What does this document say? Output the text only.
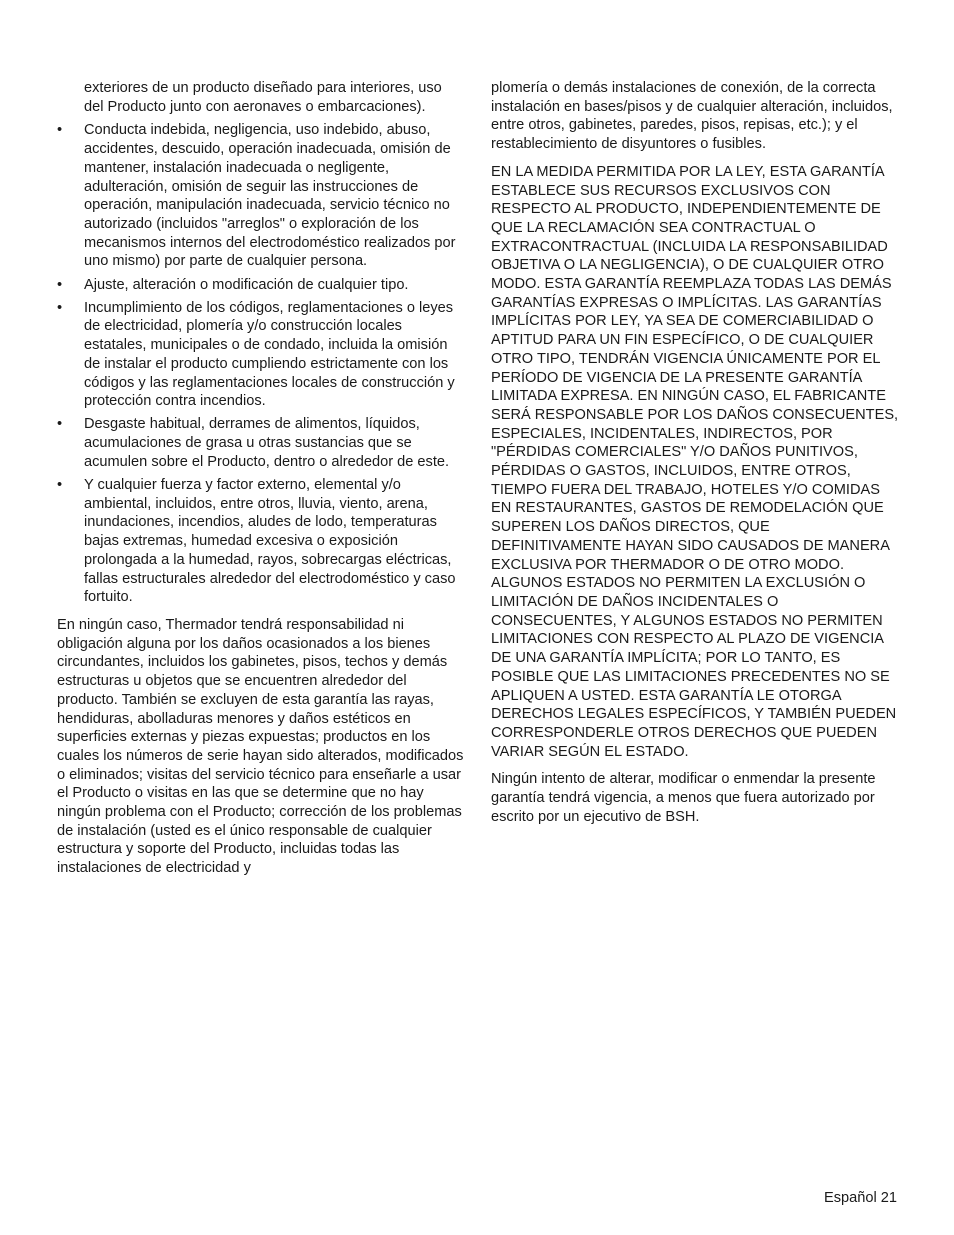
exteriores de un producto diseñado para interiores, uso del Producto junto con aeronaves o embarcaciones).

•	Conducta indebida, negligencia, uso indebido, abuso, accidentes, descuido, operación inadecuada, omisión de mantener, instalación inadecuada o negligente, adulteración, omisión de seguir las instrucciones de operación, manipulación inadecuada, servicio técnico no autorizado (incluidos "arreglos" o exploración de los mecanismos internos del electrodoméstico realizados por uno mismo) por parte de cualquier persona.
•	Ajuste, alteración o modificación de cualquier tipo.
•	Incumplimiento de los códigos, reglamentaciones o leyes de electricidad, plomería y/o construcción locales estatales, municipales o de condado, incluida la omisión de instalar el producto cumpliendo estrictamente con los códigos y las reglamentaciones locales de construcción y protección contra incendios.
•	Desgaste habitual, derrames de alimentos, líquidos, acumulaciones de grasa u otras sustancias que se acumulen sobre el Producto, dentro o alrededor de este.
•	Y cualquier fuerza y factor externo, elemental y/o ambiental, incluidos, entre otros, lluvia, viento, arena, inundaciones, incendios, aludes de lodo, temperaturas bajas extremas, humedad excesiva o exposición prolongada a la humedad, rayos, sobrecargas eléctricas, fallas estructurales alrededor del electrodoméstico y caso fortuito.

En ningún caso, Thermador tendrá responsabilidad ni obligación alguna por los daños ocasionados a los bienes circundantes, incluidos los gabinetes, pisos, techos y demás estructuras u objetos que se encuentren alrededor del producto. También se excluyen de esta garantía las rayas, hendiduras, abolladuras menores y daños estéticos en superficies externas y piezas expuestas; productos en los cuales los números de serie hayan sido alterados, modificados o eliminados; visitas del servicio técnico para enseñarle a usar el Producto o visitas en las que se determine que no hay ningún problema con el Producto; corrección de los problemas de instalación (usted es el único responsable de cualquier estructura y soporte del Producto, incluidas todas las instalaciones de electricidad y

plomería o demás instalaciones de conexión, de la correcta instalación en bases/pisos y de cualquier alteración, incluidos, entre otros, gabinetes, paredes, pisos, repisas, etc.); y el restablecimiento de disyuntores o fusibles.

EN LA MEDIDA PERMITIDA POR LA LEY, ESTA GARANTÍA ESTABLECE SUS RECURSOS EXCLUSIVOS CON RESPECTO AL PRODUCTO, INDEPENDIENTEMENTE DE QUE LA RECLAMACIÓN SEA CONTRACTUAL O EXTRACONTRACTUAL (INCLUIDA LA RESPONSABILIDAD OBJETIVA O LA NEGLIGENCIA), O DE CUALQUIER OTRO MODO. ESTA GARANTÍA REEMPLAZA TODAS LAS DEMÁS GARANTÍAS EXPRESAS O IMPLÍCITAS. LAS GARANTÍAS IMPLÍCITAS POR LEY, YA SEA DE COMERCIABILIDAD O APTITUD PARA UN FIN ESPECÍFICO, O DE CUALQUIER OTRO TIPO, TENDRÁN VIGENCIA ÚNICAMENTE POR EL PERÍODO DE VIGENCIA DE LA PRESENTE GARANTÍA LIMITADA EXPRESA. EN NINGÚN CASO, EL FABRICANTE SERÁ RESPONSABLE POR LOS DAÑOS CONSECUENTES, ESPECIALES, INCIDENTALES, INDIRECTOS, POR "PÉRDIDAS COMERCIALES" Y/O DAÑOS PUNITIVOS, PÉRDIDAS O GASTOS, INCLUIDOS, ENTRE OTROS, TIEMPO FUERA DEL TRABAJO, HOTELES Y/O COMIDAS EN RESTAURANTES, GASTOS DE REMODELACIÓN QUE SUPEREN LOS DAÑOS DIRECTOS, QUE DEFINITIVAMENTE HAYAN SIDO CAUSADOS DE MANERA EXCLUSIVA POR THERMADOR O DE OTRO MODO. ALGUNOS ESTADOS NO PERMITEN LA EXCLUSIÓN O LIMITACIÓN DE DAÑOS INCIDENTALES O CONSECUENTES, Y ALGUNOS ESTADOS NO PERMITEN LIMITACIONES CON RESPECTO AL PLAZO DE VIGENCIA DE UNA GARANTÍA IMPLÍCITA; POR LO TANTO, ES POSIBLE QUE LAS LIMITACIONES PRECEDENTES NO SE APLIQUEN A USTED. ESTA GARANTÍA LE OTORGA DERECHOS LEGALES ESPECÍFICOS, Y TAMBIÉN PUEDEN CORRESPONDERLE OTROS DERECHOS QUE PUEDEN VARIAR SEGÚN EL ESTADO.

Ningún intento de alterar, modificar o enmendar la presente garantía tendrá vigencia, a menos que fuera autorizado por escrito por un ejecutivo de BSH.

Español 21
